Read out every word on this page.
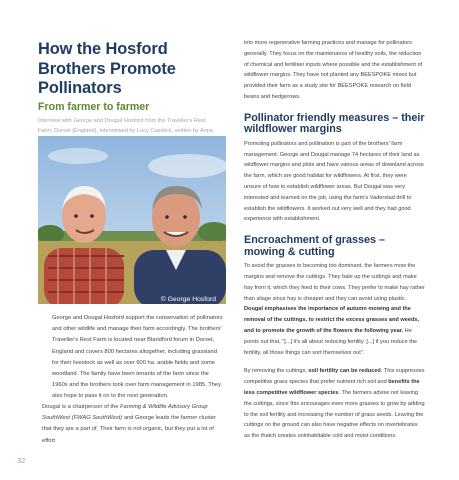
How the Hosford Brothers Promote Pollinators
From farmer to farmer
Interview with George and Dougal Hosford from the Traveller's Rest Farm, Dorset (England), interviewed by Lucy Capstick, written by Anna
© George Hosford

George and Dougal Hosford support the conservation of pollinators and other wildlife and manage their farm accordingly. The brothers' Traveller's Rest Farm is located near Blandford forum in Dorset, England and covers 800 hectares altogether, including grassland for their livestock as well as over 600 ha. arable fields and some woodland. The family have been tenants of the farm since the 1960s and the brothers took over farm management in 1985. They also hope to pass it on to the next generation.

Dougal is a chairperson of the Farming & Wildlife Advisory Group SouthWest (FWAG SouthWest) and George leads the farmer cluster that they are a part of. Their farm is not organic, but they put a lot of effort
32

into more regenerative farming practices and manage for pollinators generally. They focus on the maintenance of healthy soils, the reduction of chemical and fertiliser inputs where possible and the establishment of wildflower margins. They have not planted any BEESPOKE mixes but provided their farm as a study site for BEESPOKE research on field beans and hedgerows.

Pollinator friendly measures – their wildflower margins

Promoting pollinators and pollination is part of the brothers' farm management. George and Dougal manage 74 hectares of their land as wildflower margins and plots and have various areas of downland across the farm, which are good habitat for wildflowers. At first, they were unsure of how to establish wildflower areas. But Dougal was very interested and learned on the job, using the farm's Vaderstad drill to establish the wildflowers. It worked out very well and they had good experience with establishment.

Encroachment of grasses – mowing & cutting

To avoid the grasses to becoming too dominant, the farmers mow the margins and remove the cuttings. They bale up the cuttings and make hay from it, which they feed to their cows. They prefer to make hay rather than silage since hay is cheaper and they can avoid using plastic. Dougal emphasises the importance of autumn mowing and the removal of the cuttings, to restrict the excess grasses and weeds, and to promote the growth of the flowers the following year. He points out that, "[...] it's all about reducing fertility. [...] if you reduce the fertility, all those things can sort themselves out".

By removing the cuttings, soil fertility can be reduced. This suppresses competitive grass species that prefer nutrient rich soil and benefits the less competitive wildflower species. The farmers advise not leaving the cuttings, since this encourages even more grasses to grow by adding to the soil fertility and increasing the number of grass seeds. Leaving the cuttings on the ground can also have negative effects on invertebrates as the thatch creates uninhabitable cold and moist conditions.
